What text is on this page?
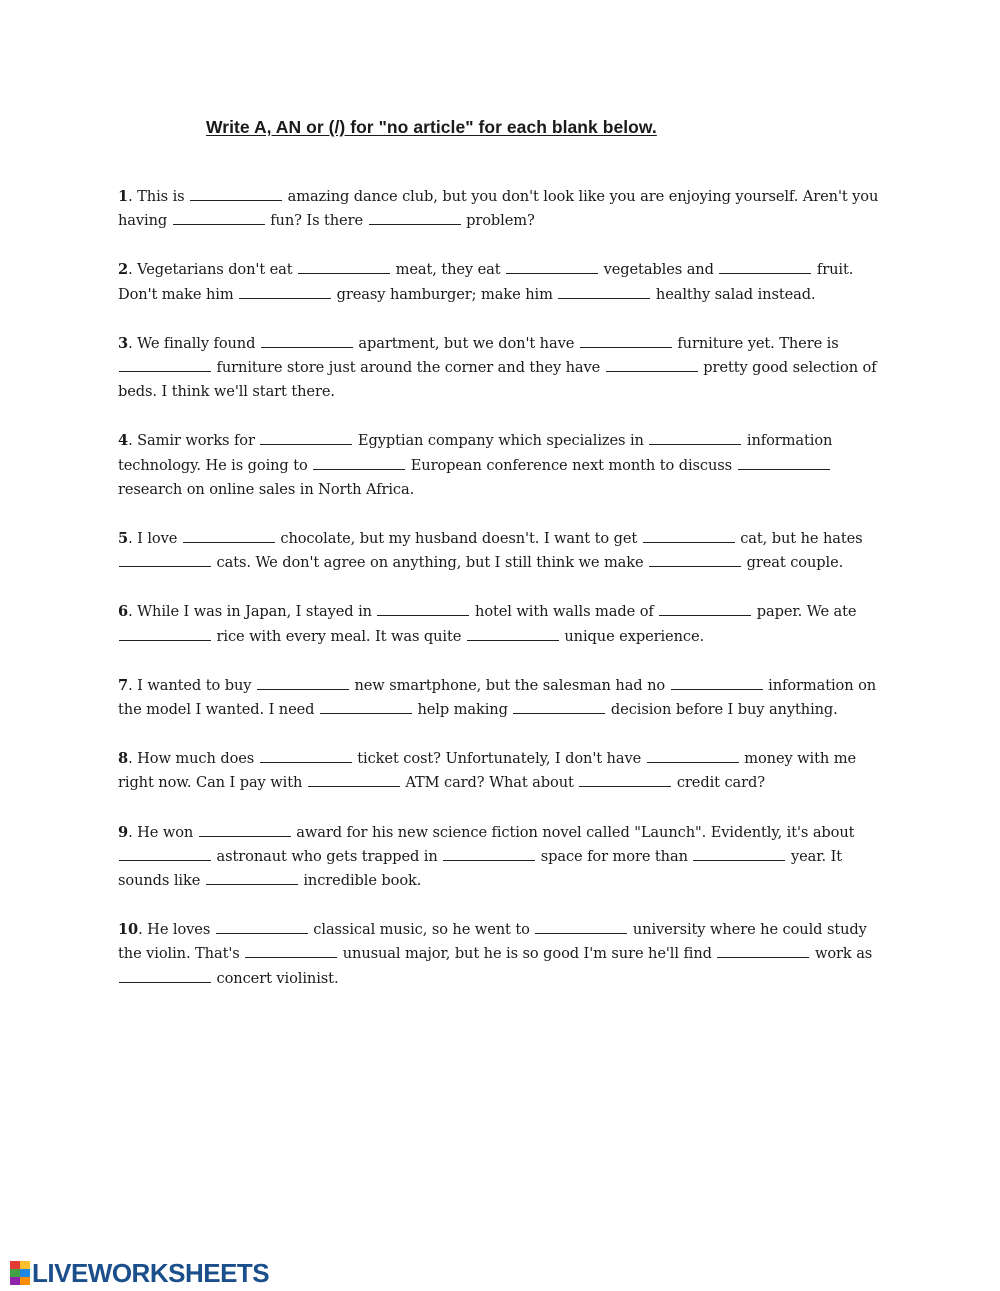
Write A, AN or (/) for "no article" for each blank below.

1. This is	amazing dance club, but you don't look like you are enjoying yourself. Aren't you having	fun? Is there	problem?

2. Vegetarians don't eat	meat, they eat	vegetables and	fruit. Don't make him	greasy hamburger; make him	healthy salad instead.

3. We finally found	apartment, but we don't have	furniture yet. There is  furniture store just around the corner and they have	pretty good selection of beds. I think we'll start there.

4. Samir works for	Egyptian company which specializes in	information technology. He is going to	European conference next month to discuss  research on online sales in North Africa.

5. I love	chocolate, but my husband doesn't. I want to get	cat, but he hates  cats. We don't agree on anything, but I still think we make	great couple.

6. While I was in Japan, I stayed in	hotel with walls made of	paper. We ate  rice with every meal. It was quite	unique experience.

7. I wanted to buy	new smartphone, but the salesman had no	information on the model I wanted. I need	help making	decision before I buy anything.

8. How much does	ticket cost? Unfortunately, I don't have	money with me right now. Can I pay with	ATM card? What about	credit card?

9. He won	award for his new science fiction novel called "Launch". Evidently, it's about  astronaut who gets trapped in	space for more than	year. It sounds like	incredible book.

10. He loves	classical music, so he went to	university where he could study the violin. That's	unusual major, but he is so good I'm sure he'll find	work as  concert violinist.

LIVEWORKSHEETS
